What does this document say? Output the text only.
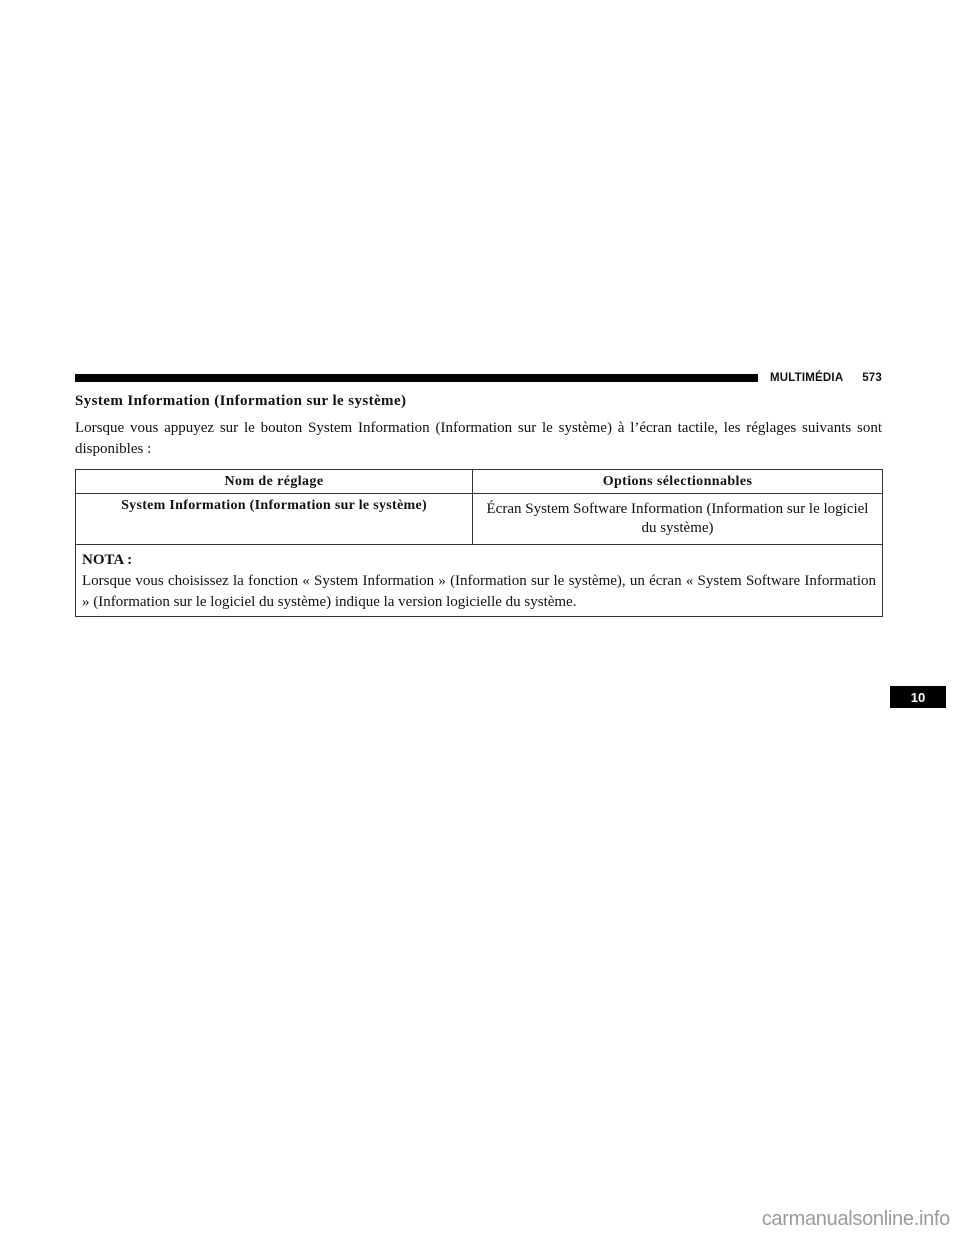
MULTIMÉDIA 573
System Information (Information sur le système)
Lorsque vous appuyez sur le bouton System Information (Information sur le système) à l’écran tactile, les réglages suivants sont disponibles :
Nom de réglage	Options sélectionnables
System Information (Information sur le système)	Écran System Software Information (Information sur le logiciel du système)

NOTA :
Lorsque vous choisissez la fonction « System Information » (Information sur le système), un écran « System Software Information » (Information sur le logiciel du système) indique la version logicielle du système.	
10
carmanualsonline.info
